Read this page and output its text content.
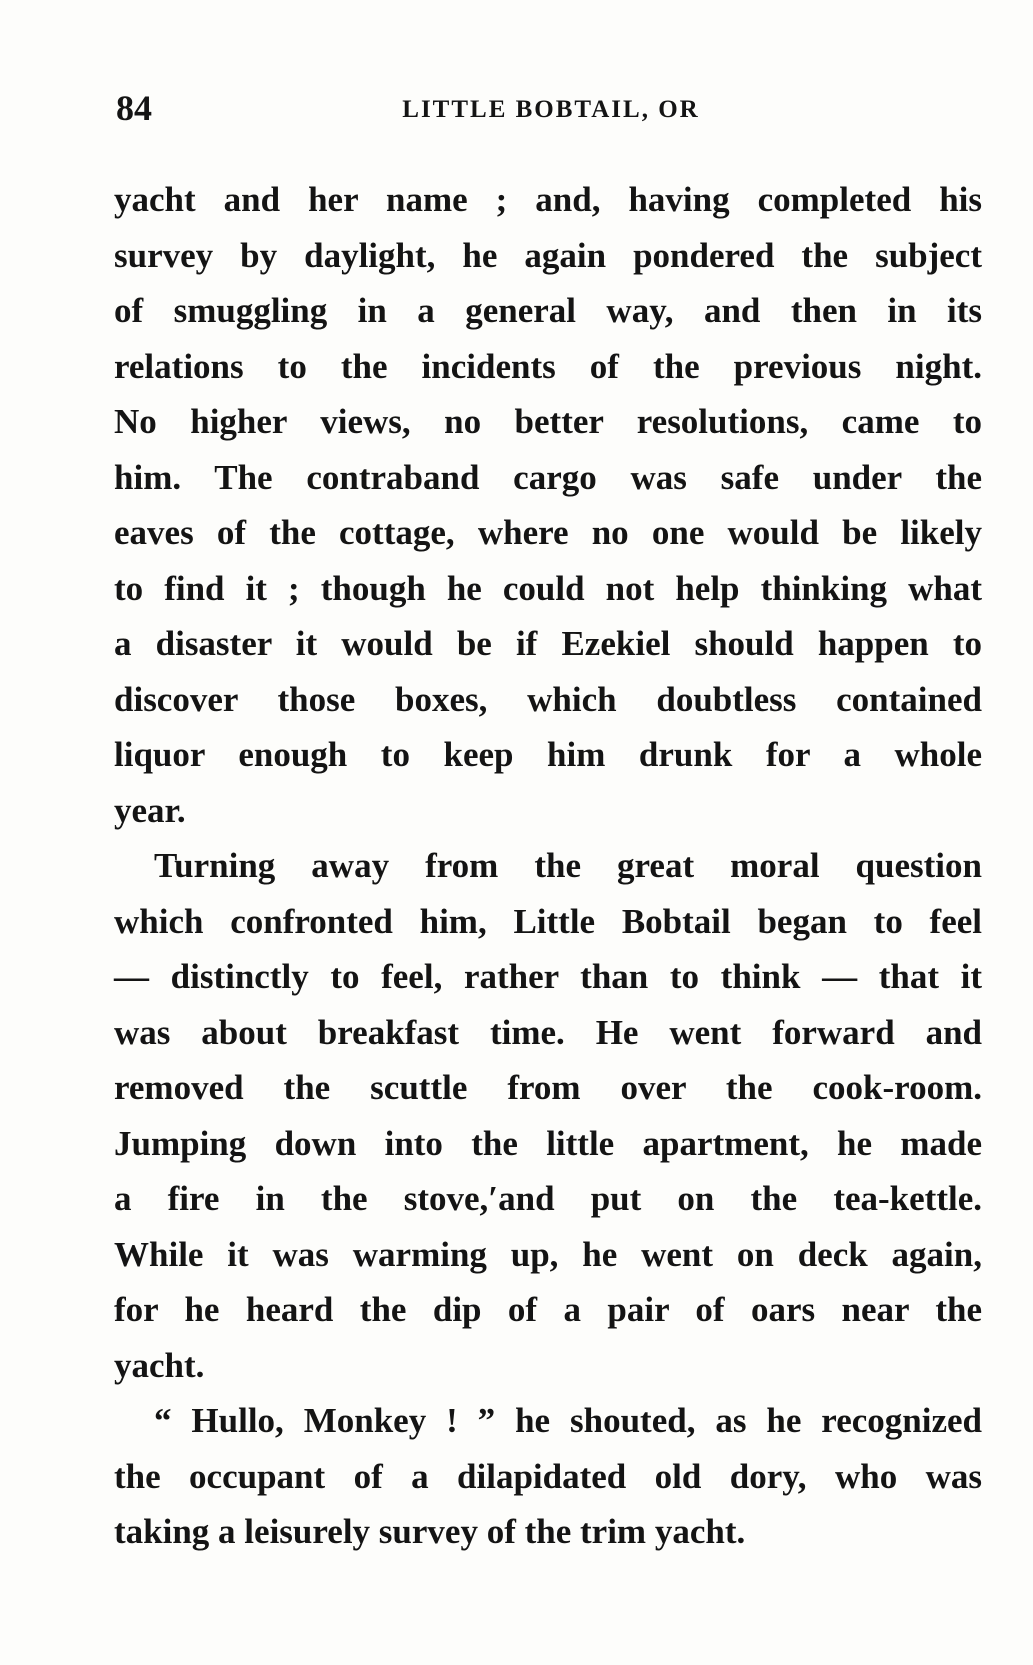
84	LITTLE BOBTAIL, OR

yacht and her name ; and, having completed his
survey by daylight, he again pondered the subject
of smuggling in a general way, and then in its
relations to the incidents of the previous night.
No higher views, no better resolutions, came to
him. The contraband cargo was safe under the
eaves of the cottage, where no one would be likely
to find it ; though he could not help thinking what
a disaster it would be if Ezekiel should happen to
discover those boxes, which doubtless contained
liquor enough to keep him drunk for a whole
year.

Turning away from the great moral question
which confronted him, Little Bobtail began to feel
— distinctly to feel, rather than to think — that it
was about breakfast time. He went forward and
removed the scuttle from over the cook-room.
Jumping down into the little apartment, he made
a fire in the stove,′and put on the tea-kettle.
While it was warming up, he went on deck again,
for he heard the dip of a pair of oars near the
yacht.

“ Hullo, Monkey ! ” he shouted, as he recognized
the occupant of a dilapidated old dory, who was
taking a leisurely survey of the trim yacht.
